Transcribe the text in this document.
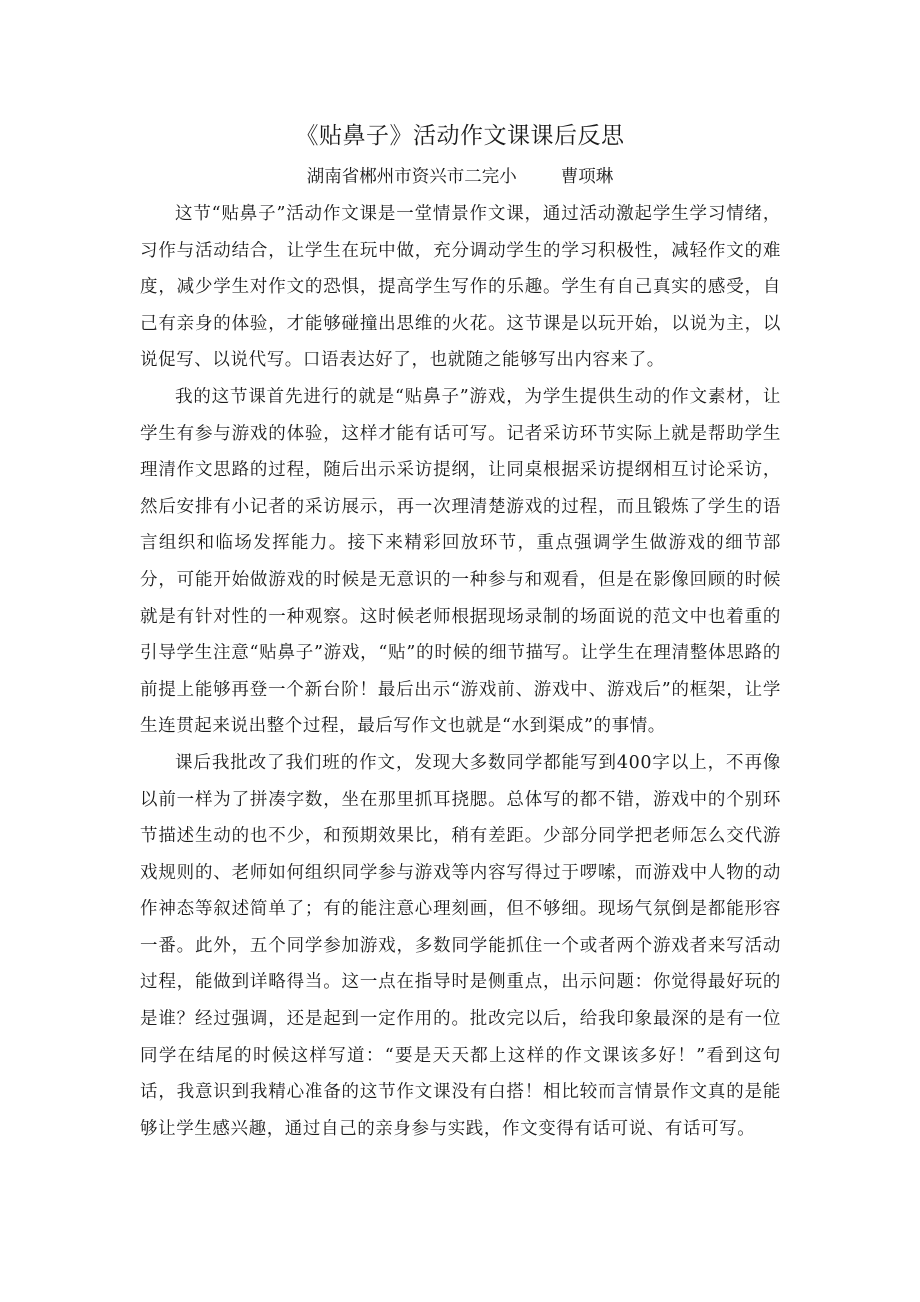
《贴鼻子》活动作文课课后反思
湖南省郴州市资兴市二完小	曹项琳

这节“贴鼻子”活动作文课是一堂情景作文课，通过活动激起学生学习情绪，习作与活动结合，让学生在玩中做，充分调动学生的学习积极性，减轻作文的难度，减少学生对作文的恐惧，提高学生写作的乐趣。学生有自己真实的感受，自己有亲身的体验，才能够碰撞出思维的火花。这节课是以玩开始，以说为主，以说促写、以说代写。口语表达好了，也就随之能够写出内容来了。

我的这节课首先进行的就是“贴鼻子”游戏，为学生提供生动的作文素材，让学生有参与游戏的体验，这样才能有话可写。记者采访环节实际上就是帮助学生理清作文思路的过程，随后出示采访提纲，让同桌根据采访提纲相互讨论采访，然后安排有小记者的采访展示，再一次理清楚游戏的过程，而且锻炼了学生的语言组织和临场发挥能力。接下来精彩回放环节，重点强调学生做游戏的细节部分，可能开始做游戏的时候是无意识的一种参与和观看，但是在影像回顾的时候就是有针对性的一种观察。这时候老师根据现场录制的场面说的范文中也着重的引导学生注意“贴鼻子”游戏，“贴”的时候的细节描写。让学生在理清整体思路的前提上能够再登一个新台阶！最后出示“游戏前、游戏中、游戏后”的框架，让学生连贯起来说出整个过程，最后写作文也就是“水到渠成”的事情。

课后我批改了我们班的作文，发现大多数同学都能写到400字以上，不再像以前一样为了拼凑字数，坐在那里抓耳挠腮。总体写的都不错，游戏中的个别环节描述生动的也不少，和预期效果比，稍有差距。少部分同学把老师怎么交代游戏规则的、老师如何组织同学参与游戏等内容写得过于啰嗦，而游戏中人物的动作神态等叙述简单了；有的能注意心理刻画，但不够细。现场气氛倒是都能形容一番。此外，五个同学参加游戏，多数同学能抓住一个或者两个游戏者来写活动过程，能做到详略得当。这一点在指导时是侧重点，出示问题：你觉得最好玩的是谁？经过强调，还是起到一定作用的。批改完以后，给我印象最深的是有一位同学在结尾的时候这样写道：“要是天天都上这样的作文课该多好！”看到这句话，我意识到我精心准备的这节作文课没有白搭！相比较而言情景作文真的是能够让学生感兴趣，通过自己的亲身参与实践，作文变得有话可说、有话可写。
